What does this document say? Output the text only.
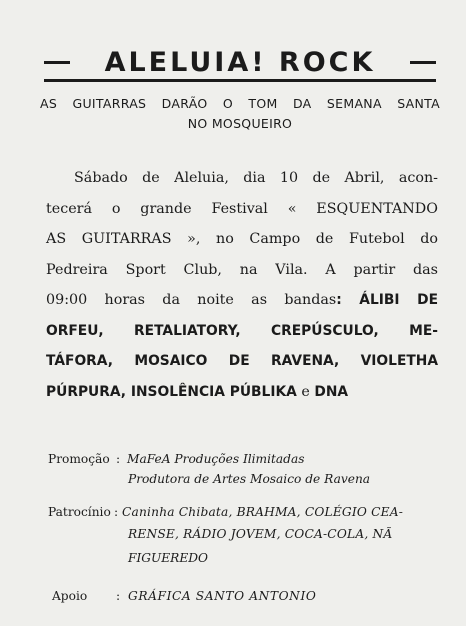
ALELUIA! ROCK
AS GUITARRAS DARÃO O TOM DA SEMANA SANTA
NO MOSQUEIRO
Sábado de Aleluia, dia 10 de Abril, acon-
tecerá o grande Festival « ESQUENTANDO
AS GUITARRAS », no Campo de Futebol do
Pedreira Sport Club, na Vila. A partir das
09:00 horas da noite as bandas: ÁLIBI DE
ORFEU, RETALIATORY, CREPÚSCULO, ME-
TÁFORA, MOSAICO DE RAVENA, VIOLETHA
PÚRPURA, INSOLÊNCIA PÚBLIKA e DNA
Promoção : MaFeA Produções Ilimitadas
Produtora de Artes Mosaico de Ravena
Patrocínio : Caninha Chibata, BRAHMA, COLÉGIO CEA-
RENSE, RÁDIO JOVEM, COCA-COLA, NÃ
FIGUEREDO
Apoio : GRÁFICA SANTO ANTONIO
